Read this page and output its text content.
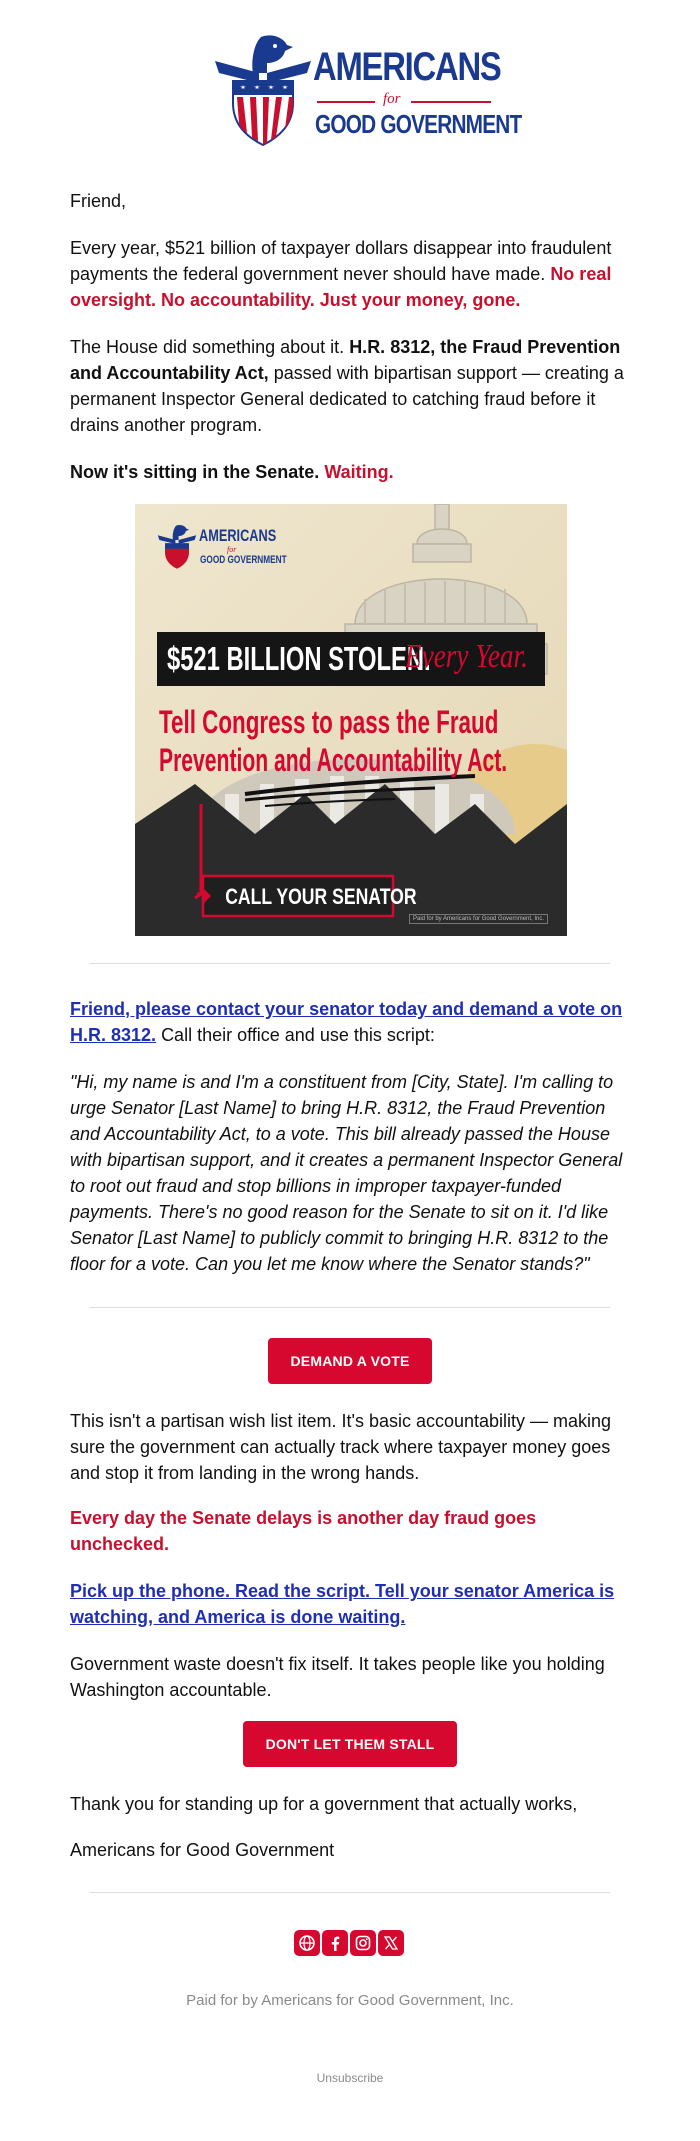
AMERICANS
for
GOOD GOVERNMENT
Friend,
Every year, $521 billion of taxpayer dollars disappear into fraudulent payments the federal government never should have made. No real oversight. No accountability. Just your money, gone.
The House did something about it. H.R. 8312, the Fraud Prevention and Accountability Act, passed with bipartisan support — creating a permanent Inspector General dedicated to catching fraud before it drains another program.
Now it's sitting in the Senate. Waiting.
AMERICANS
for
GOOD GOVERNMENT
$521 BILLION STOLEN.
Every Year.
Tell Congress to pass the Fraud
Prevention and Accountability Act.
CALL YOUR SENATOR
Paid for by Americans for Good Government, Inc.
Friend, please contact your senator today and demand a vote on H.R. 8312. Call their office and use this script:
"Hi, my name is and I'm a constituent from [City, State]. I'm calling to urge Senator [Last Name] to bring H.R. 8312, the Fraud Prevention and Accountability Act, to a vote. This bill already passed the House with bipartisan support, and it creates a permanent Inspector General to root out fraud and stop billions in improper taxpayer-funded payments. There's no good reason for the Senate to sit on it. I'd like Senator [Last Name] to publicly commit to bringing H.R. 8312 to the floor for a vote. Can you let me know where the Senator stands?"
DEMAND A VOTE
This isn't a partisan wish list item. It's basic accountability — making sure the government can actually track where taxpayer money goes and stop it from landing in the wrong hands.
Every day the Senate delays is another day fraud goes unchecked.
Pick up the phone. Read the script. Tell your senator America is watching, and America is done waiting.
Government waste doesn't fix itself. It takes people like you holding Washington accountable.
DON'T LET THEM STALL
Thank you for standing up for a government that actually works,
Americans for Good Government
Paid for by Americans for Good Government, Inc.
Unsubscribe
